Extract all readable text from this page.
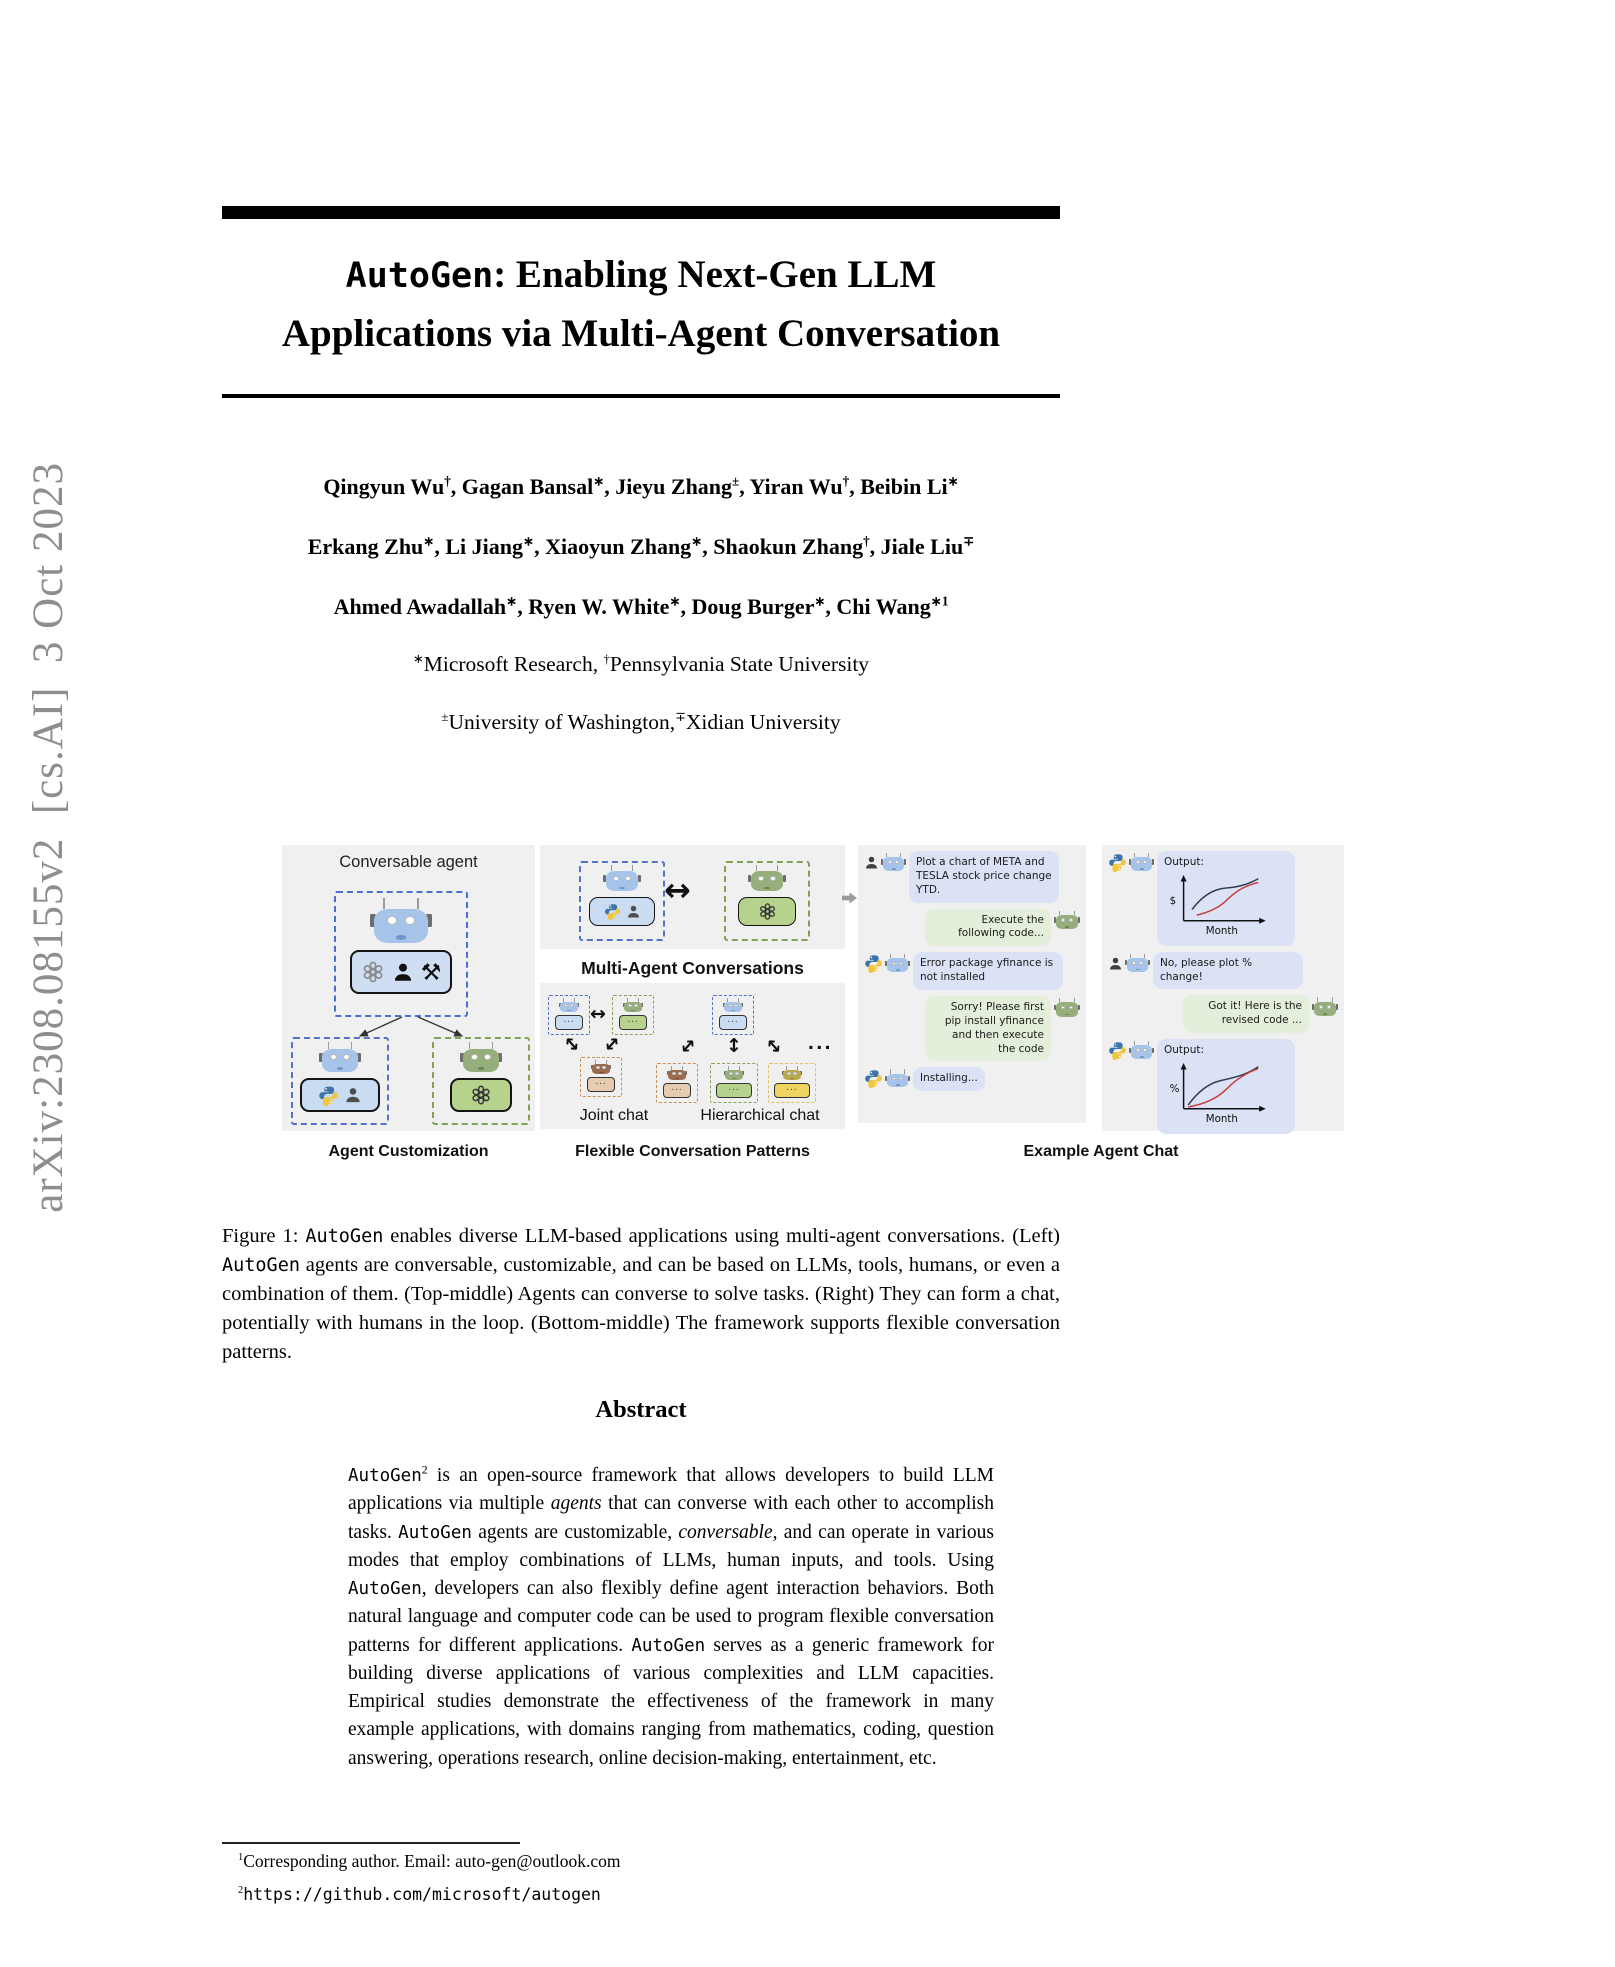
arXiv:2308.08155v2  [cs.AI]  3 Oct 2023
AutoGen: Enabling Next-Gen LLM
Applications via Multi-Agent Conversation
Qingyun Wu†, Gagan Bansal∗, Jieyu Zhang±, Yiran Wu†, Beibin Li∗
Erkang Zhu∗, Li Jiang∗, Xiaoyun Zhang∗, Shaokun Zhang†, Jiale Liu∓
Ahmed Awadallah∗, Ryen W. White∗, Doug Burger∗, Chi Wang$^{∗1}$
∗Microsoft Research, †Pennsylvania State University
±University of Washington,∓Xidian University
Conversable agent
⚒
Agent Customization
↔
Multi-Agent Conversations
... ↔	...
↔ ↔
...
...
↔ ↕ ↔
...	...	...
...
Joint chat	Hierarchical chat
Flexible Conversation Patterns
Plot a chart of META and TESLA stock price change YTD.
Execute the following code...
Error package yfinance is not installed
Sorry! Please first pip install yfinance and then execute the code
Installing...
Output:
$
Month
No, please plot % change!
Got it! Here is the revised code ...
Output:
%
Month
Example Agent Chat
Figure 1: AutoGen enables diverse LLM-based applications using multi-agent conversations. (Left) AutoGen agents are conversable, customizable, and can be based on LLMs, tools, humans, or even a combination of them. (Top-middle) Agents can converse to solve tasks. (Right) They can form a chat, potentially with humans in the loop. (Bottom-middle) The framework supports flexible conversation patterns.
Abstract
AutoGen$^2$ is an open-source framework that allows developers to build LLM applications via multiple agents that can converse with each other to accomplish tasks. AutoGen agents are customizable, conversable, and can operate in various modes that employ combinations of LLMs, human inputs, and tools. Using AutoGen, developers can also flexibly define agent interaction behaviors. Both natural language and computer code can be used to program flexible conversation patterns for different applications. AutoGen serves as a generic framework for building diverse applications of various complexities and LLM capacities. Empirical studies demonstrate the effectiveness of the framework in many example applications, with domains ranging from mathematics, coding, question answering, operations research, online decision-making, entertainment, etc.
$^1$Corresponding author. Email: auto-gen@outlook.com
$^2$https://github.com/microsoft/autogen
